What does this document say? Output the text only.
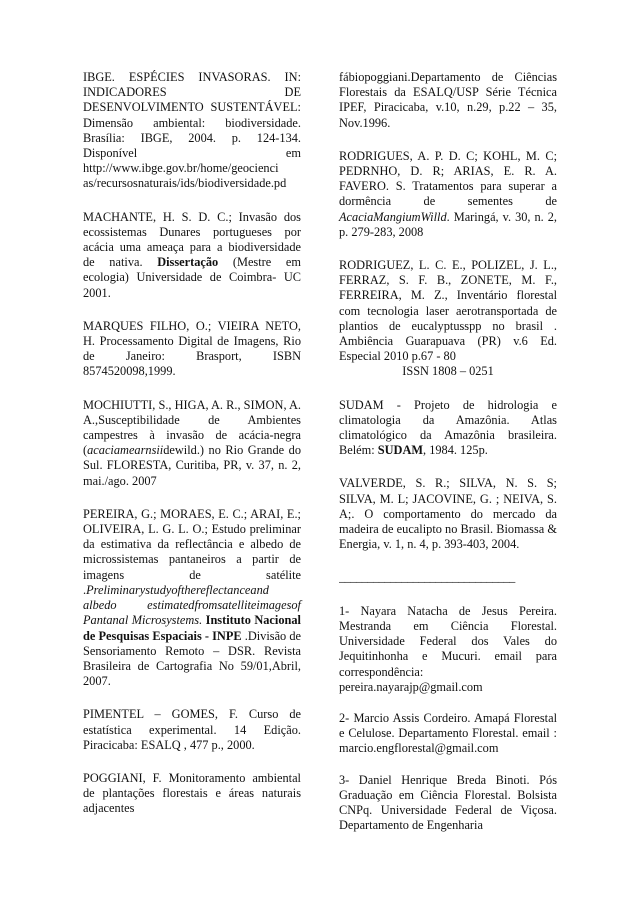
IBGE. ESPÉCIES INVASORAS. IN: INDICADORES DE DESENVOLVIMENTO SUSTENTÁVEL: Dimensão ambiental: biodiversidade. Brasília: IBGE, 2004. p. 124-134. Disponível em http://www.ibge.gov.br/home/geocienci as/recursosnaturais/ids/biodiversidade.pd

MACHANTE, H. S. D. C.; Invasão dos ecossistemas Dunares portugueses por acácia uma ameaça para a biodiversidade de nativa. Dissertação (Mestre em ecologia) Universidade de Coimbra- UC 2001.

MARQUES FILHO, O.; VIEIRA NETO, H. Processamento Digital de Imagens, Rio de Janeiro: Brasport, ISBN 8574520098,1999.

MOCHIUTTI, S., HIGA, A. R., SIMON, A. A.,Susceptibilidade de Ambientes campestres à invasão de acácia-negra (acaciamearnsiidewild.) no Rio Grande do Sul. FLORESTA, Curitiba, PR, v. 37, n. 2, mai./ago. 2007

PEREIRA, G.; MORAES, E. C.; ARAI, E.; OLIVEIRA, L. G. L. O.; Estudo preliminar da estimativa da reflectância e albedo de microssistemas pantaneiros a partir de imagens de satélite .Preliminarystudyofthereflectanceand albedo estimatedfromsatelliteimagesof Pantanal Microsystems. Instituto Nacional de Pesquisas Espaciais - INPE .Divisão de Sensoriamento Remoto – DSR. Revista Brasileira de Cartografia No 59/01,Abril, 2007.

PIMENTEL – GOMES, F. Curso de estatística experimental. 14 Edição. Piracicaba: ESALQ , 477 p., 2000.

POGGIANI, F. Monitoramento ambiental de plantações florestais e áreas naturais adjacentes

fábiopoggiani.Departamento de Ciências Florestais da ESALQ/USP Série Técnica IPEF, Piracicaba, v.10, n.29, p.22 – 35, Nov.1996.

RODRIGUES, A. P. D. C; KOHL, M. C; PEDRNHO, D. R; ARIAS, E. R. A. FAVERO. S. Tratamentos para superar a dormência de sementes de AcaciaMangiumWilld. Maringá, v. 30, n. 2, p. 279-283, 2008

RODRIGUEZ, L. C. E., POLIZEL, J. L., FERRAZ, S. F. B., ZONETE, M. F., FERREIRA, M. Z., Inventário florestal com tecnologia laser aerotransportada de plantios de eucalyptusspp no brasil . Ambiência Guarapuava (PR) v.6 Ed. Especial 2010 p.67 - 80
ISSN 1808 – 0251

SUDAM - Projeto de hidrologia e climatologia da Amazônia. Atlas climatológico da Amazônia brasileira. Belém: SUDAM, 1984. 125p.

VALVERDE, S. R.; SILVA, N. S. S; SILVA, M. L; JACOVINE, G. ; NEIVA, S. A;. O comportamento do mercado da madeira de eucalipto no Brasil. Biomassa & Energia, v. 1, n. 4, p. 393-403, 2004.

_______________________________

1- Nayara Natacha de Jesus Pereira. Mestranda em Ciência Florestal. Universidade Federal dos Vales do Jequitinhonha e Mucuri. email para correspondência: pereira.nayarajp@gmail.com

2- Marcio Assis Cordeiro. Amapá Florestal e Celulose. Departamento Florestal. email : marcio.engflorestal@gmail.com

3- Daniel Henrique Breda Binoti. Pós Graduação em Ciência Florestal. Bolsista CNPq. Universidade Federal de Viçosa. Departamento de Engenharia
